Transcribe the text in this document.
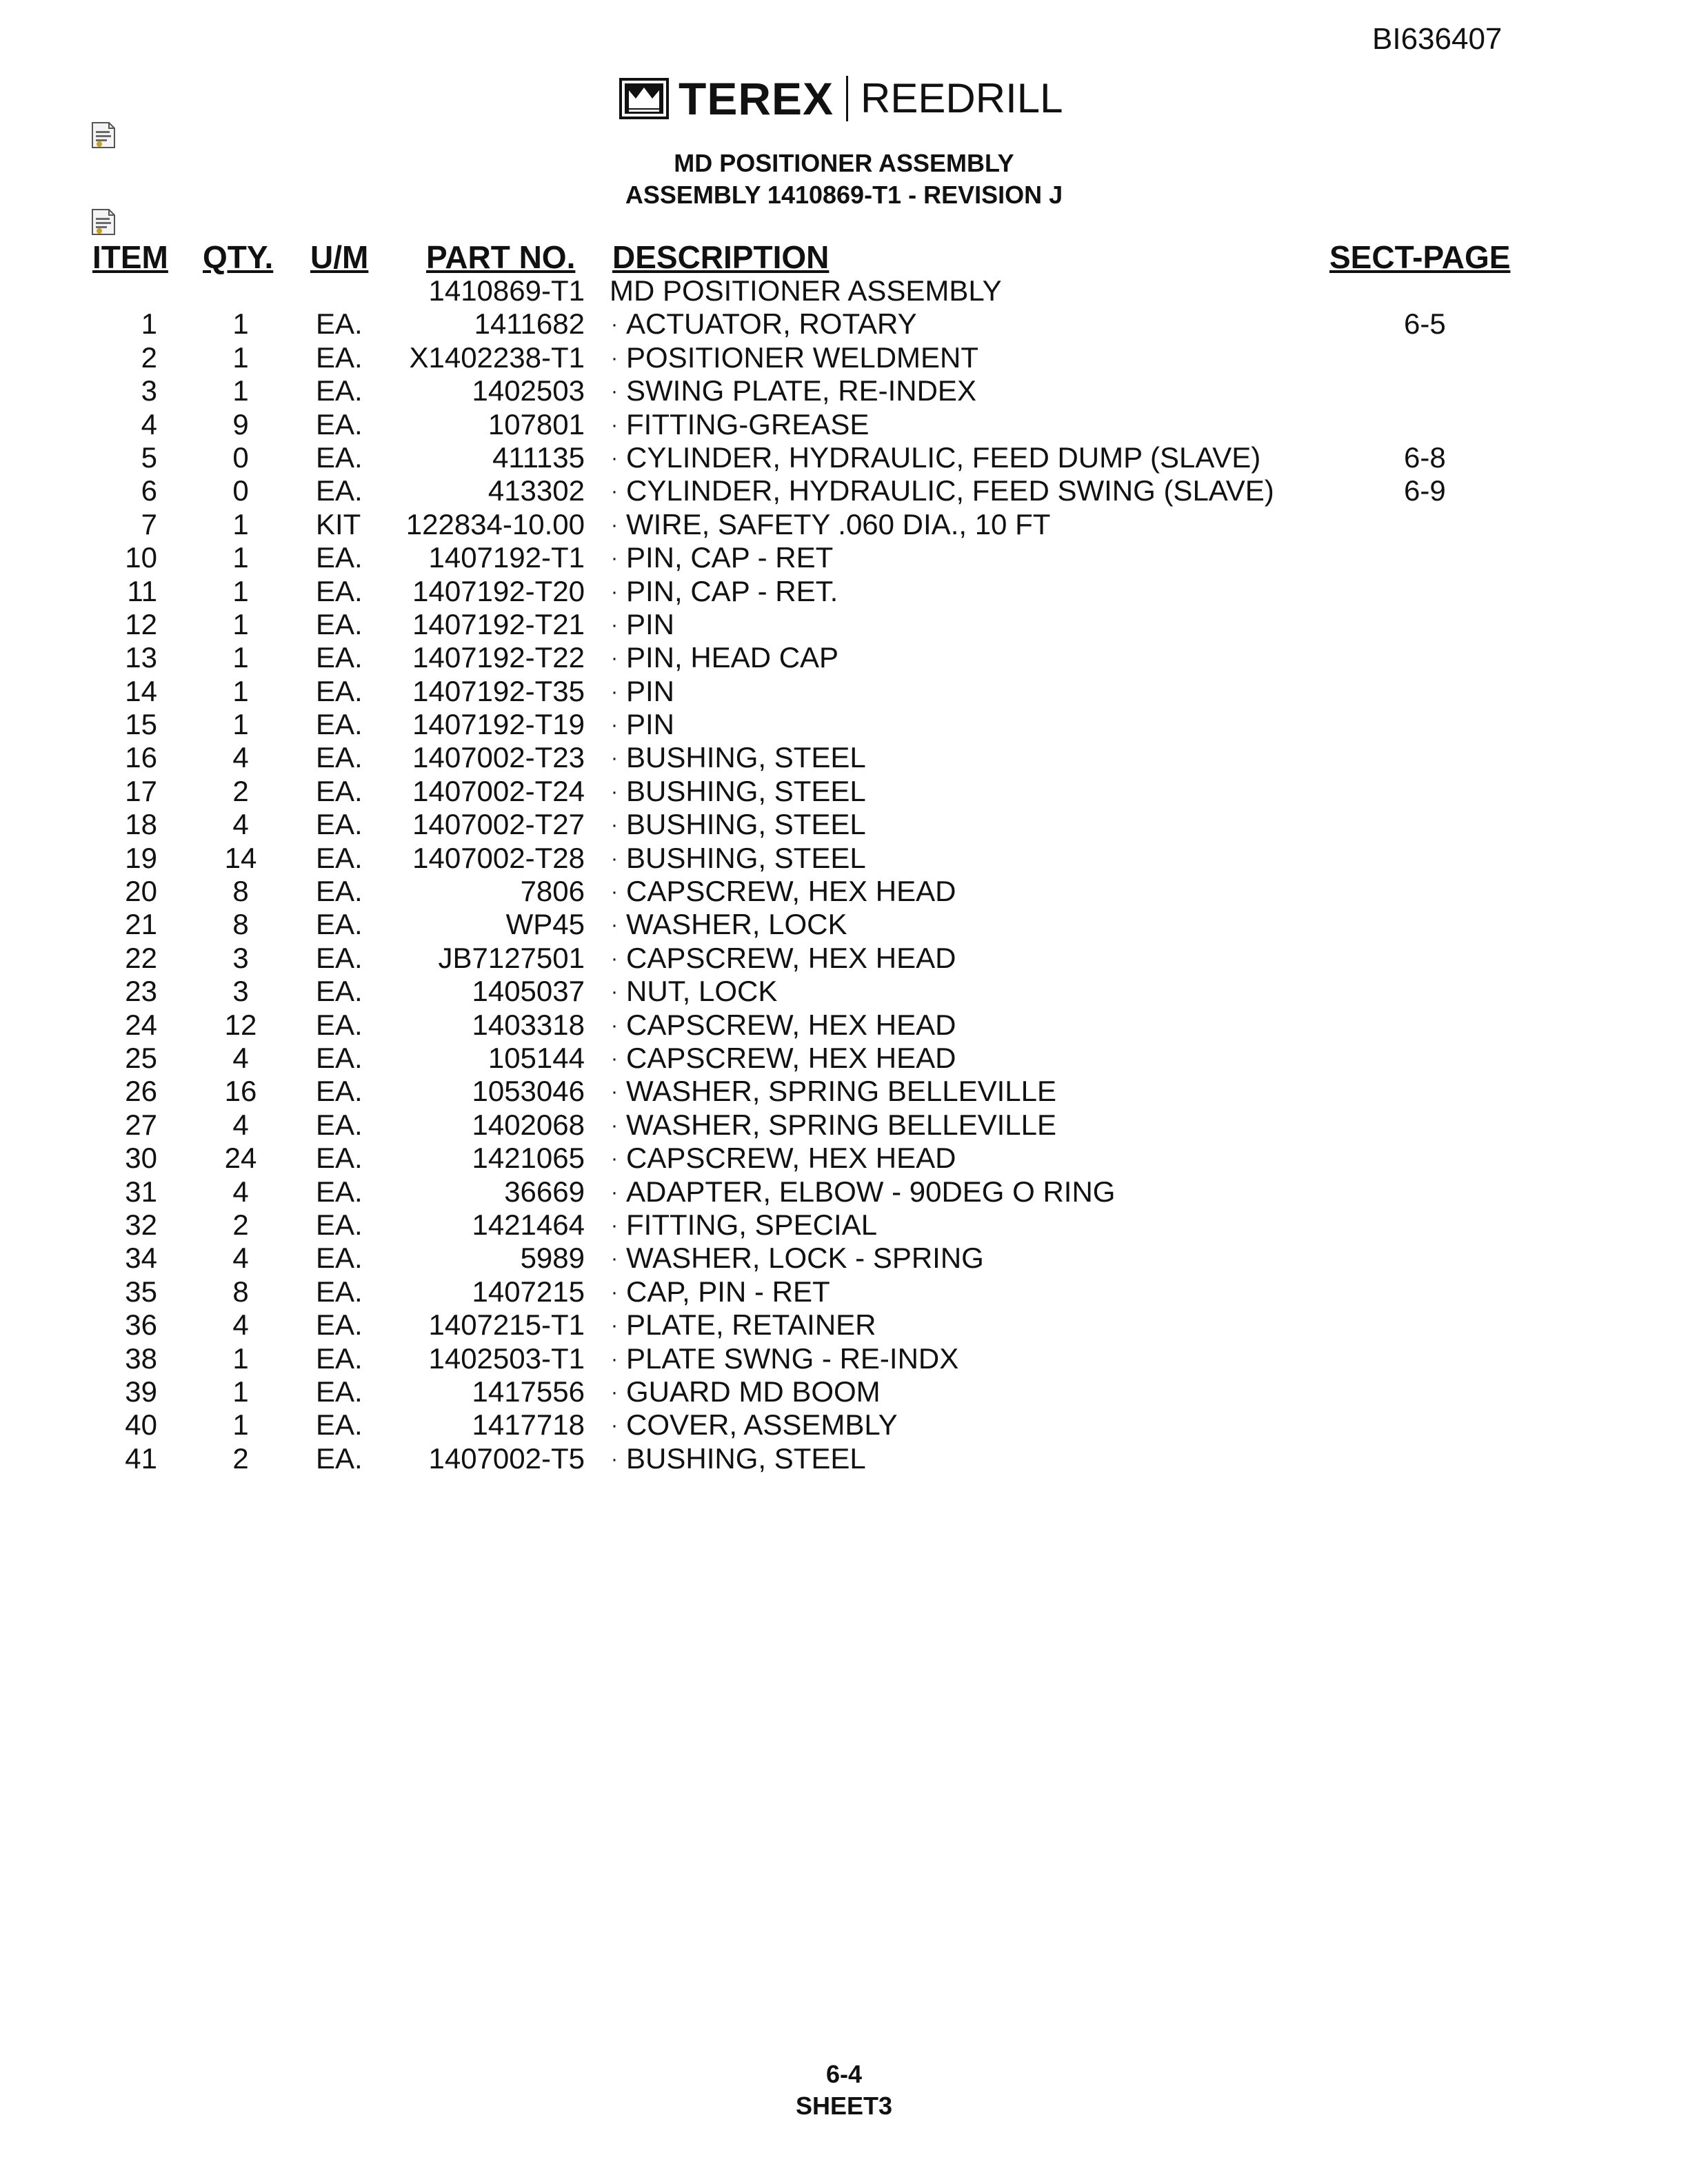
BI636407
TEREX REEDRILL
MD POSITIONER ASSEMBLY
ASSEMBLY 1410869-T1 - REVISION J
ITEM QTY. U/M PART NO. DESCRIPTION	SECT-PAGE
1410869-T1 MD POSITIONER ASSEMBLY
1	1	EA.	1411682 · ACTUATOR, ROTARY	6-5
2	1	EA. X1402238-T1 · POSITIONER WELDMENT
3	1	EA.	1402503 · SWING PLATE, RE-INDEX
4	9	EA.	107801 · FITTING-GREASE
5	0	EA.	411135 · CYLINDER, HYDRAULIC, FEED DUMP (SLAVE)	6-8
6	0	EA.	413302 · CYLINDER, HYDRAULIC, FEED SWING (SLAVE)	6-9
7	1	KIT 122834-10.00 · WIRE, SAFETY .060 DIA., 10 FT
10	1	EA. 1407192-T1 · PIN, CAP - RET
11	1	EA. 1407192-T20 · PIN, CAP - RET.
12	1	EA. 1407192-T21 · PIN
13	1	EA. 1407192-T22 · PIN, HEAD CAP
14	1	EA. 1407192-T35 · PIN
15	1	EA. 1407192-T19 · PIN
16	4	EA. 1407002-T23 · BUSHING, STEEL
17	2	EA. 1407002-T24 · BUSHING, STEEL
18	4	EA. 1407002-T27 · BUSHING, STEEL
19 14 EA. 1407002-T28 · BUSHING, STEEL
20	8	EA.	7806 · CAPSCREW, HEX HEAD
21	8	EA.	WP45 · WASHER, LOCK
22	3	EA.	JB7127501 · CAPSCREW, HEX HEAD
23	3	EA.	1405037 · NUT, LOCK
24 12 EA.	1403318 · CAPSCREW, HEX HEAD
25	4	EA.	105144 · CAPSCREW, HEX HEAD
26 16 EA.	1053046 · WASHER, SPRING BELLEVILLE
27	4	EA.	1402068 · WASHER, SPRING BELLEVILLE
30 24 EA.	1421065 · CAPSCREW, HEX HEAD
31	4	EA.	36669 · ADAPTER, ELBOW - 90DEG O RING
32	2	EA.	1421464 · FITTING, SPECIAL
34	4	EA.	5989 · WASHER, LOCK - SPRING
35	8	EA.	1407215 · CAP, PIN - RET
36	4	EA. 1407215-T1 · PLATE, RETAINER
38	1	EA. 1402503-T1 · PLATE SWNG - RE-INDX
39	1	EA.	1417556 · GUARD MD BOOM
40	1	EA.	1417718 · COVER, ASSEMBLY
41	2	EA. 1407002-T5 · BUSHING, STEEL
6-4
SHEET3
